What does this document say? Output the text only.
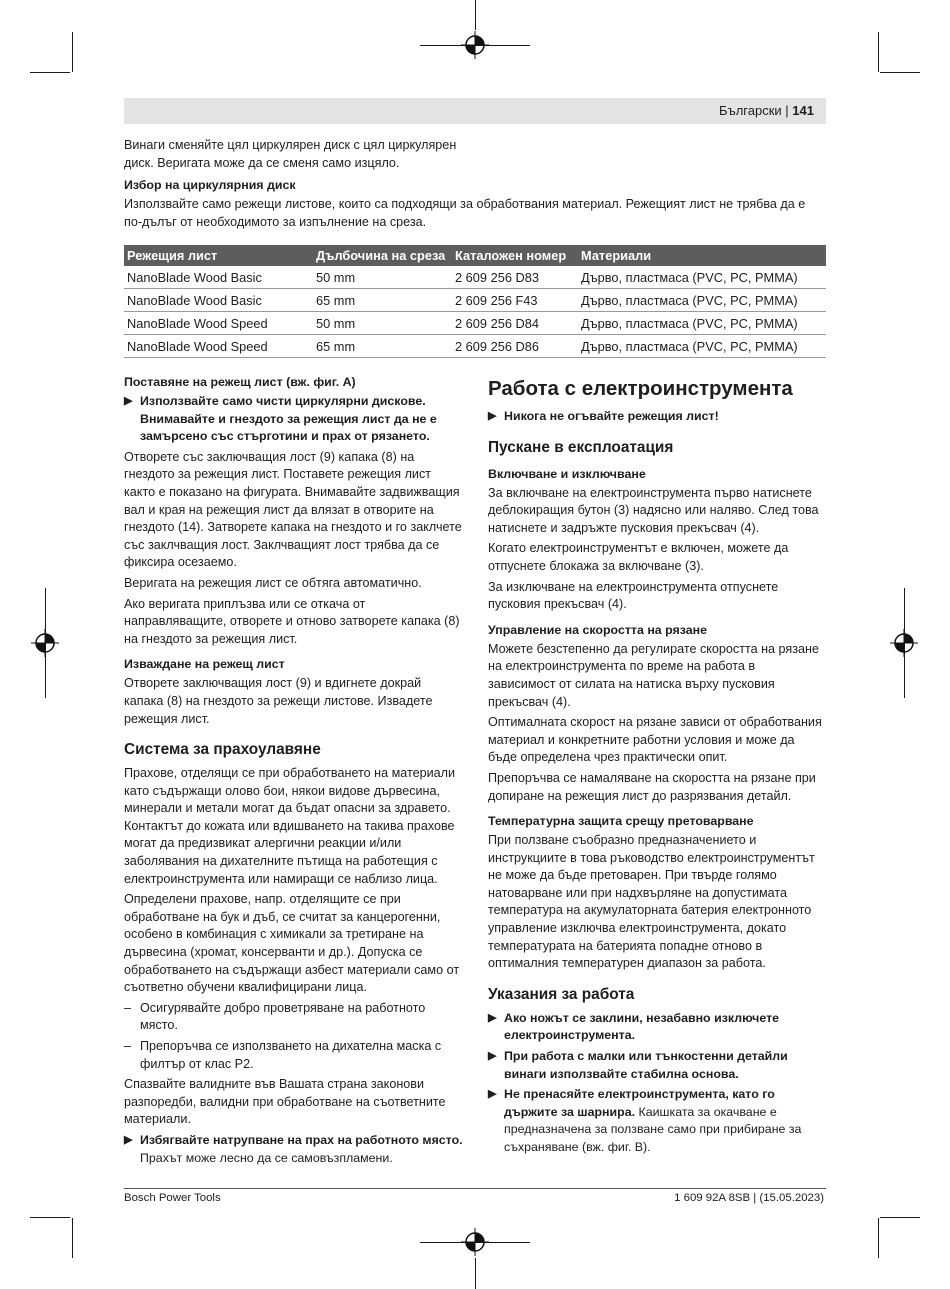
Български | 141

Винаги сменяйте цял циркулярен диск с цял циркулярен диск. Веригата може да се сменя само изцяло.

Избор на циркулярния диск

Използвайте само режещи листове, които са подходящи за обработвания материал. Режещият лист не трябва да е по-дълъг от необходимото за изпълнение на среза.

Режещия лист	Дълбочина на среза	Каталожен номер	Материали
NanoBlade Wood Basic	50 mm	2 609 256 D83	Дърво, пластмаса (PVC, PC, PMMA)
NanoBlade Wood Basic	65 mm	2 609 256 F43	Дърво, пластмаса (PVC, PC, PMMA)
NanoBlade Wood Speed	50 mm	2 609 256 D84	Дърво, пластмаса (PVC, PC, PMMA)
NanoBlade Wood Speed	65 mm	2 609 256 D86	Дърво, пластмаса (PVC, PC, PMMA)
Поставяне на режещ лист (вж. фиг. A)
▶ Използвайте само чисти циркулярни дискове. Внимавайте и гнездото за режещия лист да не е замърсено със стърготини и прах от рязането.

Отворете със заключващия лост (9) капака (8) на гнездото за режещия лист. Поставете режещия лист както е показано на фигурата. Внимавайте задвижващия вал и края на режещия лист да влязат в отворите на гнездото (14). Затворете капака на гнездото и го заклчете със заклчващия лост. Заклчващият лост трябва да се фиксира осезаемо.

Веригата на режещия лист се обтяга автоматично.

Ако веригата приплъзва или се откача от направляващите, отворете и отново затворете капака (8) на гнездото за режещия лист.

Изваждане на режещ лист

Отворете заключващия лост (9) и вдигнете докрай капака (8) на гнездото за режещи листове. Извадете режещия лист.

Система за прахоулавяне

Прахове, отделящи се при обработването на материали като съдържащи олово бои, някои видове дървесина, минерали и метали могат да бъдат опасни за здравето. Контактът до кожата или вдишването на такива прахове могат да предизвикат алергични реакции и/или заболявания на дихателните пътища на работещия с електроинструмента или намиращи се наблизо лица.

Определени прахове, напр. отделящите се при обработване на бук и дъб, се считат за канцерогенни, особено в комбинация с химикали за третиране на дървесина (хромат, консерванти и др.). Допуска се обработването на съдържащи азбест материали само от съответно обучени квалифицирани лица.

– Осигурявайте добро проветряване на работното място.
– Препоръчва се използването на дихателна маска с филтър от клас P2.

Спазвайте валидните във Вашата страна законови разпоредби, валидни при обработване на съответните материали.

▶ Избягвайте натрупване на прах на работното място. Прахът може лесно да се самовъзпламени.
Работа с електроинструмента
▶ Никога не огъвайте режещия лист!
Пускане в експлоатация
Включване и изключване

За включване на електроинструмента първо натиснете деблокиращия бутон (3) надясно или наляво. След това натиснете и задръжте пусковия прекъсвач (4).

Когато електроинструментът е включен, можете да отпуснете блокажа за включване (3).

За изключване на електроинструмента отпуснете пусковия прекъсвач (4).

Управление на скоростта на рязане

Можете безстепенно да регулирате скоростта на рязане на електроинструмента по време на работа в зависимост от силата на натиска върху пусковия прекъсвач (4).

Оптималната скорост на рязане зависи от обработвания материал и конкретните работни условия и може да бъде определена чрез практически опит.

Препоръчва се намаляване на скоростта на рязане при допиране на режещия лист до разрязвания детайл.

Температурна защита срещу претоварване

При ползване съобразно предназначението и инструкциите в това ръководство електроинструментът не може да бъде претоварен. При твърде голямо натоварване или при надхвърляне на допустимата температура на акумулаторната батерия електронното управление изключва електроинструмента, докато температурата на батерията попадне отново в оптималния температурен диапазон за работа.

Указания за работа
▶ Ако ножът се заклини, незабавно изключете електроинструмента.
▶ При работа с малки или тънкостенни детайли винаги използвайте стабилна основа.
▶ Не пренасяйте електроинструмента, като го държите за шарнира. Каишката за окачване е предназначена за ползване само при прибиране за съхраняване (вж. фиг. B).
Bosch Power Tools	1 609 92A 8SB | (15.05.2023)
